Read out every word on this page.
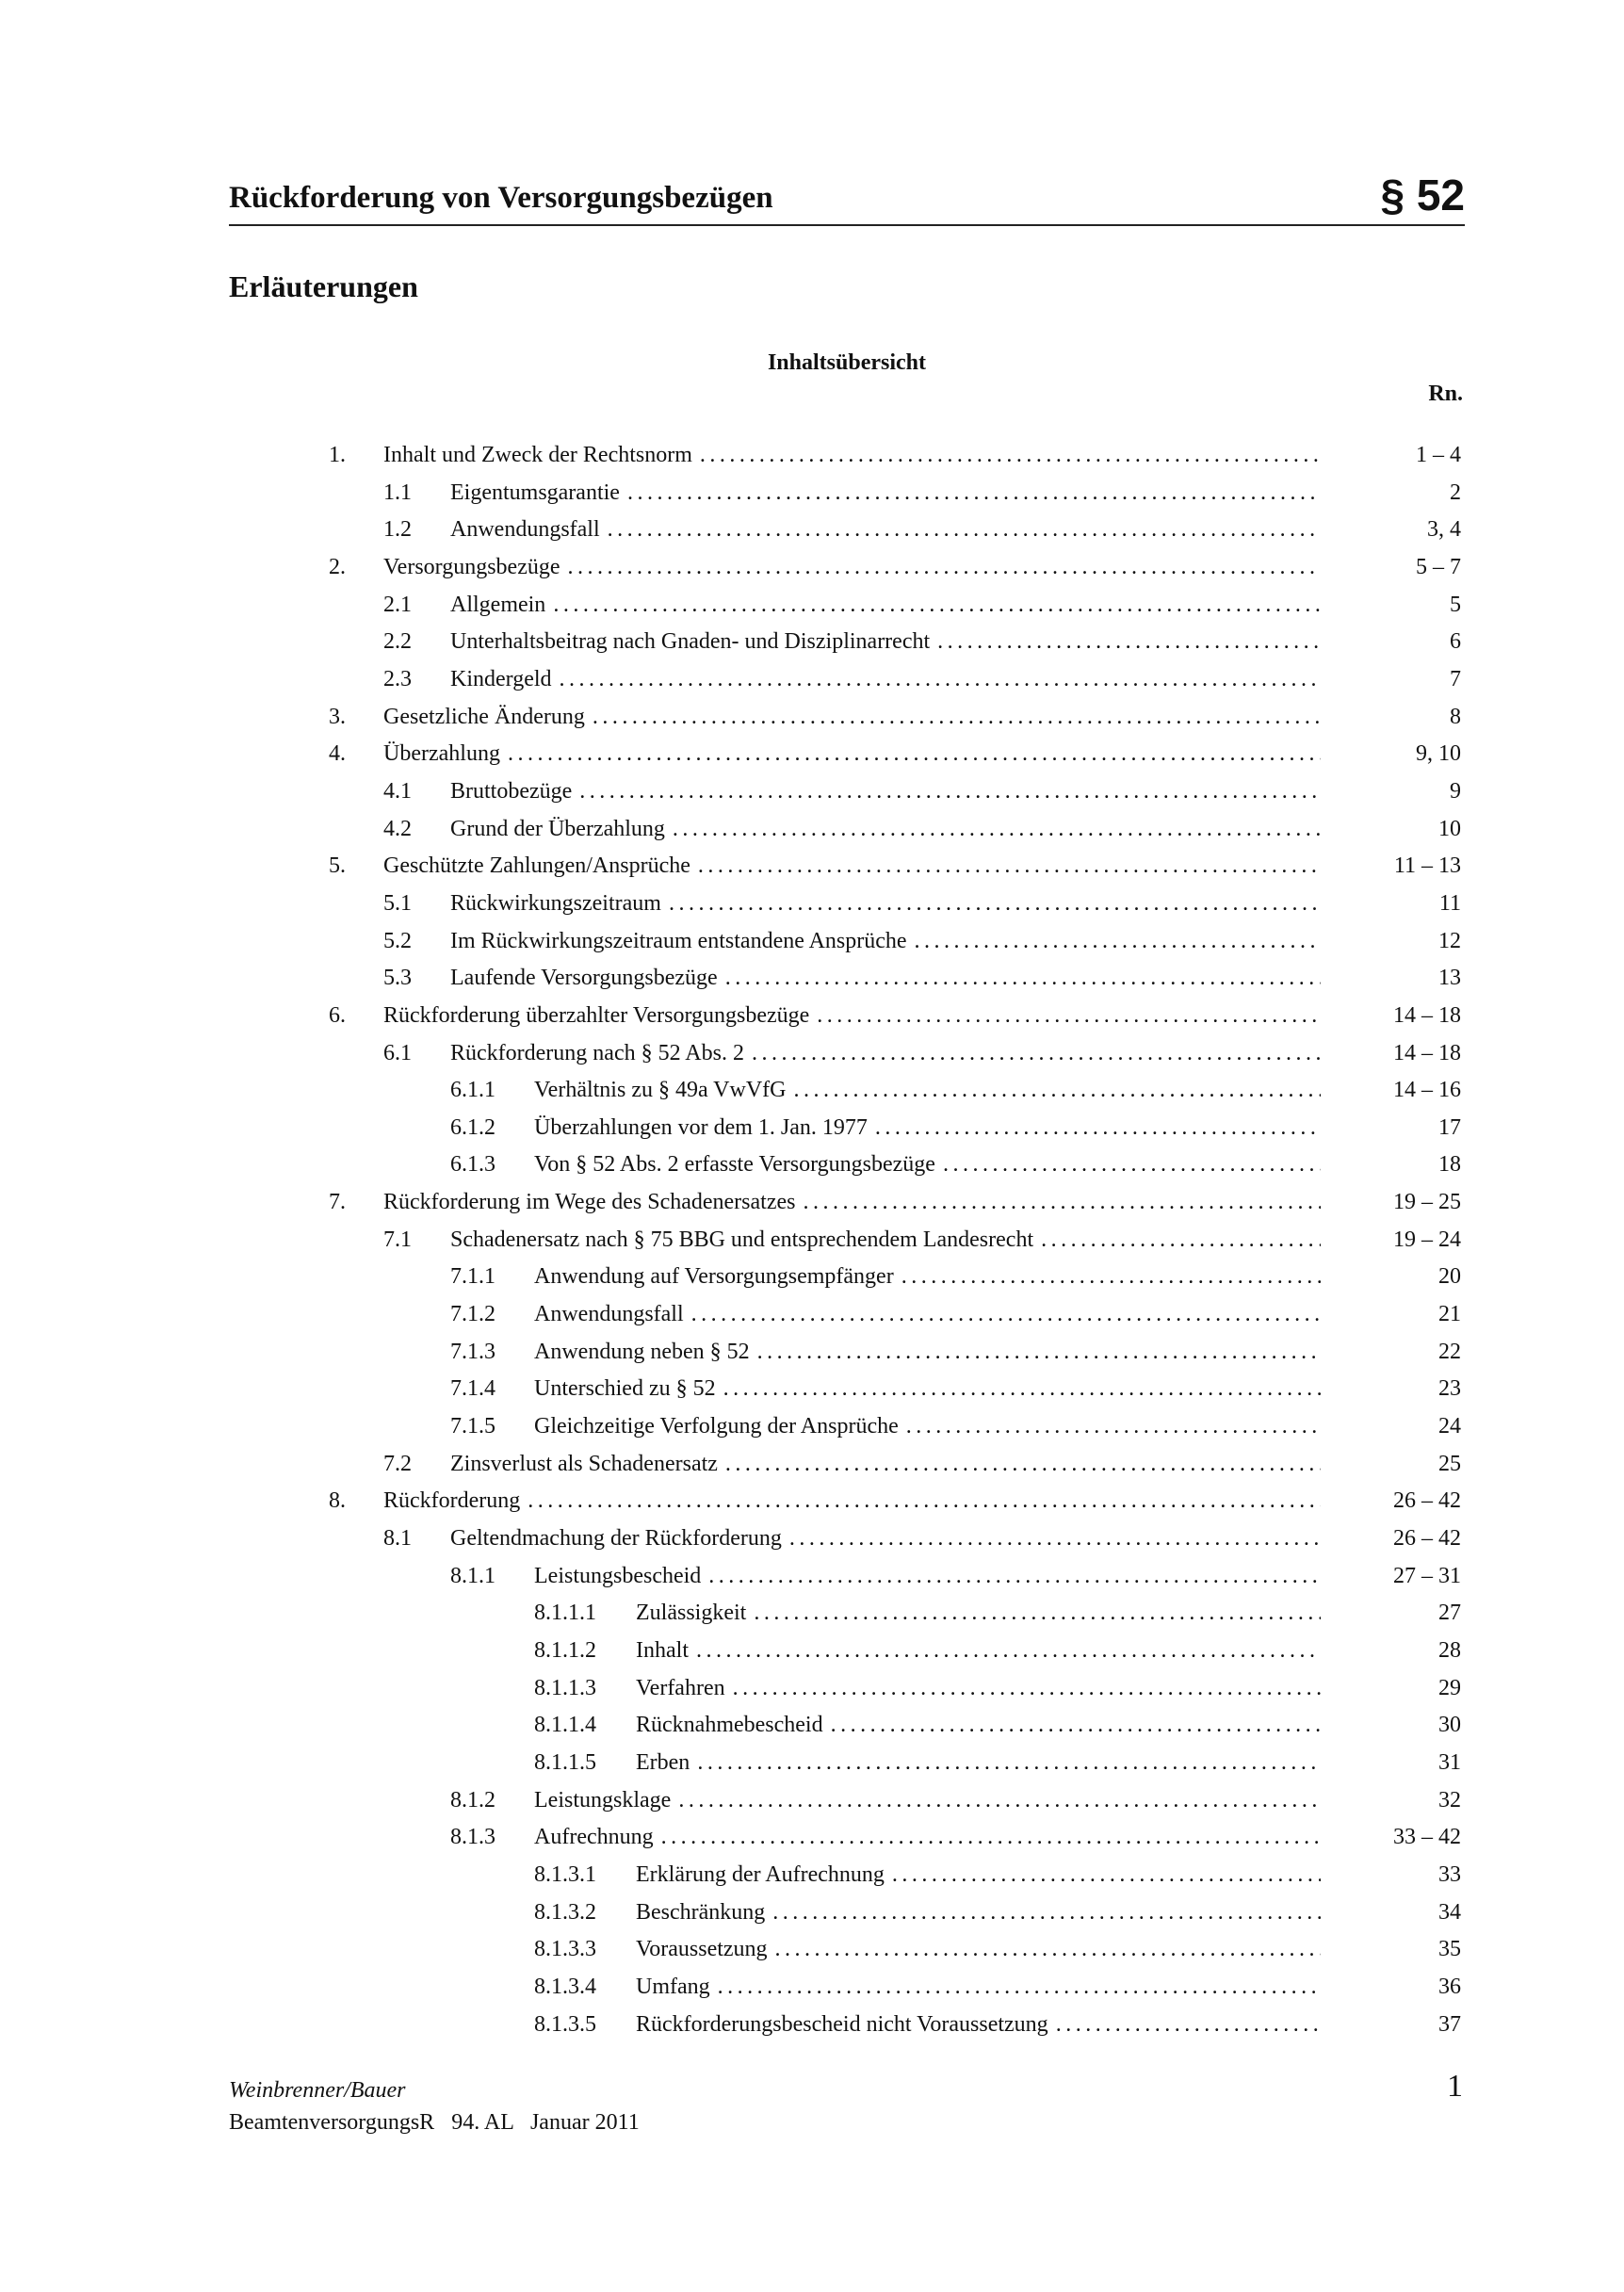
Rückforderung von Versorgungsbezügen	§ 52
Erläuterungen
Inhaltsübersicht
Rn.
1. Inhalt und Zweck der Rechtsnorm . . .	1 – 4
1.1 Eigentumsgarantie . . .	2
1.2 Anwendungsfall . . .	3, 4
2. Versorgungsbezüge . . .	5 – 7
2.1 Allgemein . . .	5
2.2 Unterhaltsbeitrag nach Gnaden- und Disziplinarrecht . . .	6
2.3 Kindergeld . . .	7
3. Gesetzliche Änderung . . .	8
4. Überzahlung . . .	9, 10
4.1 Bruttobezüge . . .	9
4.2 Grund der Überzahlung . . .	10
5. Geschützte Zahlungen/Ansprüche . . .	11 – 13
5.1 Rückwirkungszeitraum . . .	11
5.2 Im Rückwirkungszeitraum entstandene Ansprüche . . .	12
5.3 Laufende Versorgungsbezüge . . .	13
6. Rückforderung überzahlter Versorgungsbezüge . . .	14 – 18
6.1 Rückforderung nach § 52 Abs. 2 . . .	14 – 18
6.1.1 Verhältnis zu § 49a VwVfG . . .	14 – 16
6.1.2 Überzahlungen vor dem 1. Jan. 1977 . . .	17
6.1.3 Von § 52 Abs. 2 erfasste Versorgungsbezüge . . .	18
7. Rückforderung im Wege des Schadenersatzes . . .	19 – 25
7.1 Schadenersatz nach § 75 BBG und entsprechendem Landesrecht . . .	19 – 24
7.1.1 Anwendung auf Versorgungsempfänger . . .	20
7.1.2 Anwendungsfall . . .	21
7.1.3 Anwendung neben § 52 . . .	22
7.1.4 Unterschied zu § 52 . . .	23
7.1.5 Gleichzeitige Verfolgung der Ansprüche . . .	24
7.2 Zinsverlust als Schadenersatz . . .	25
8. Rückforderung . . .	26 – 42
8.1 Geltendmachung der Rückforderung . . .	26 – 42
8.1.1 Leistungsbescheid . . .	27 – 31
8.1.1.1 Zulässigkeit . . .	27
8.1.1.2 Inhalt . . .	28
8.1.1.3 Verfahren . . .	29
8.1.1.4 Rücknahmebescheid . . .	30
8.1.1.5 Erben . . .	31
8.1.2 Leistungsklage . . .	32
8.1.3 Aufrechnung . . .	33 – 42
8.1.3.1 Erklärung der Aufrechnung . . .	33
8.1.3.2 Beschränkung . . .	34
8.1.3.3 Voraussetzung . . .	35
8.1.3.4 Umfang . . .	36
8.1.3.5 Rückforderungsbescheid nicht Voraussetzung . . .	37
Weinbrenner/Bauer
BeamtenversorgungsR   94. AL   Januar 2011
1
